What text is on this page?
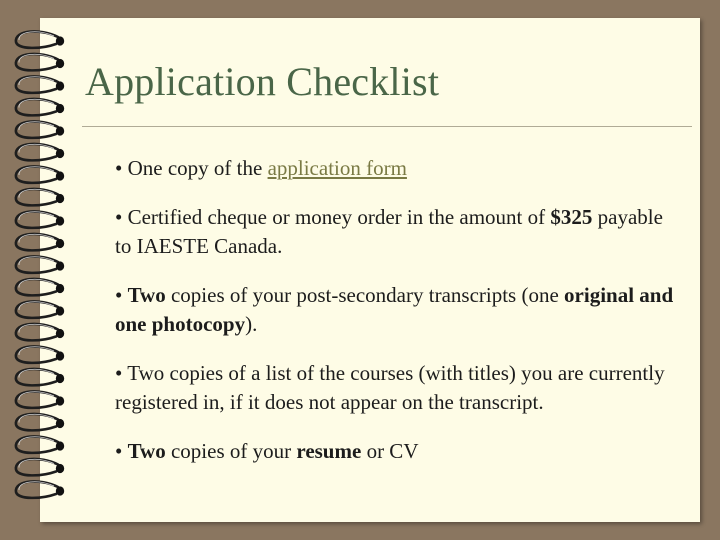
Application Checklist

• One copy of the application form

• Certified cheque or money order in the amount of $325 payable to IAESTE Canada.

• Two copies of your post-secondary transcripts (one original and one photocopy).

• Two copies of a list of the courses (with titles) you are currently registered in, if it does not appear on the transcript.

• Two copies of your resume or CV
